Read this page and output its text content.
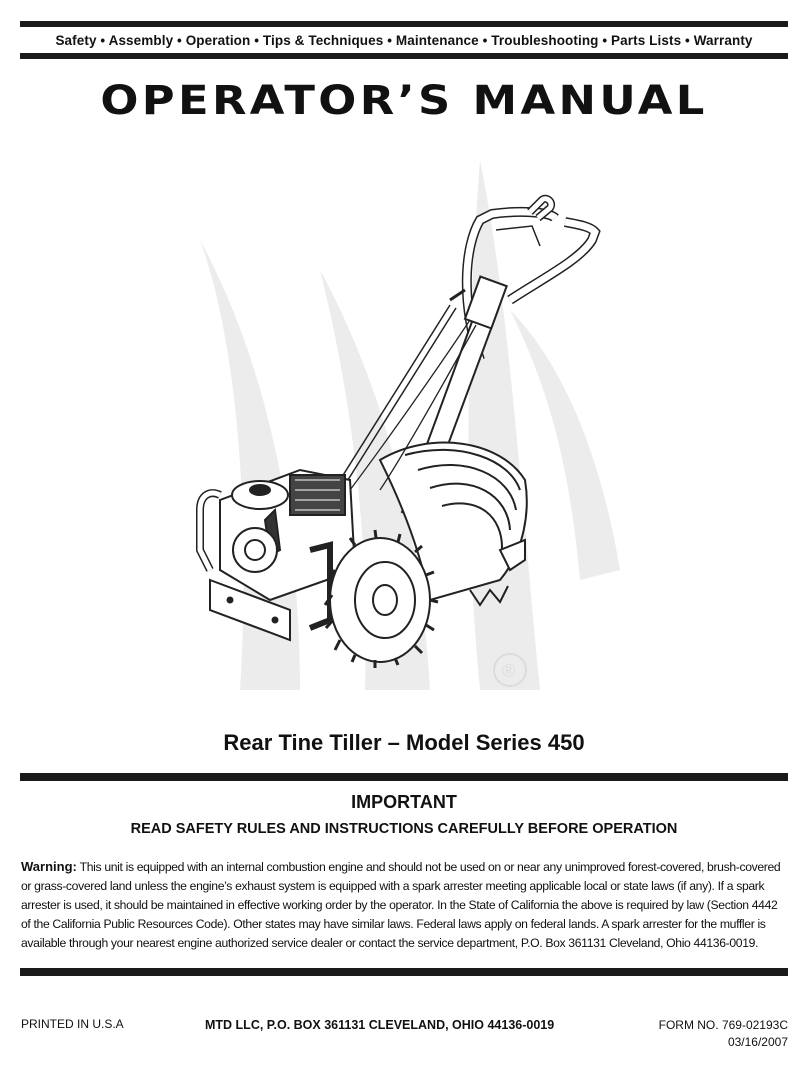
Safety • Assembly • Operation • Tips & Techniques • Maintenance • Troubleshooting • Parts Lists • Warranty
OPERATOR’S MANUAL
®
Rear Tine Tiller – Model Series 450
IMPORTANT
READ SAFETY RULES AND INSTRUCTIONS CAREFULLY BEFORE OPERATION
Warning: This unit is equipped with an internal combustion engine and should not be used on or near any unimproved forest-covered, brush-covered or grass-covered land unless the engine’s exhaust system is equipped with a spark arrester meeting applicable local or state laws (if any). If a spark arrester is used, it should be maintained in effective working order by the operator. In the State of California the above is required by law (Section 4442 of the California Public Resources Code). Other states may have similar laws. Federal laws apply on federal lands. A spark arrester for the muffler is available through your nearest engine authorized service dealer or contact the service department, P.O. Box 361131 Cleveland, Ohio 44136-0019.
PRINTED IN U.S.A	MTD LLC, P.O. BOX 361131 CLEVELAND, OHIO 44136-0019	FORM NO. 769-02193C
03/16/2007
